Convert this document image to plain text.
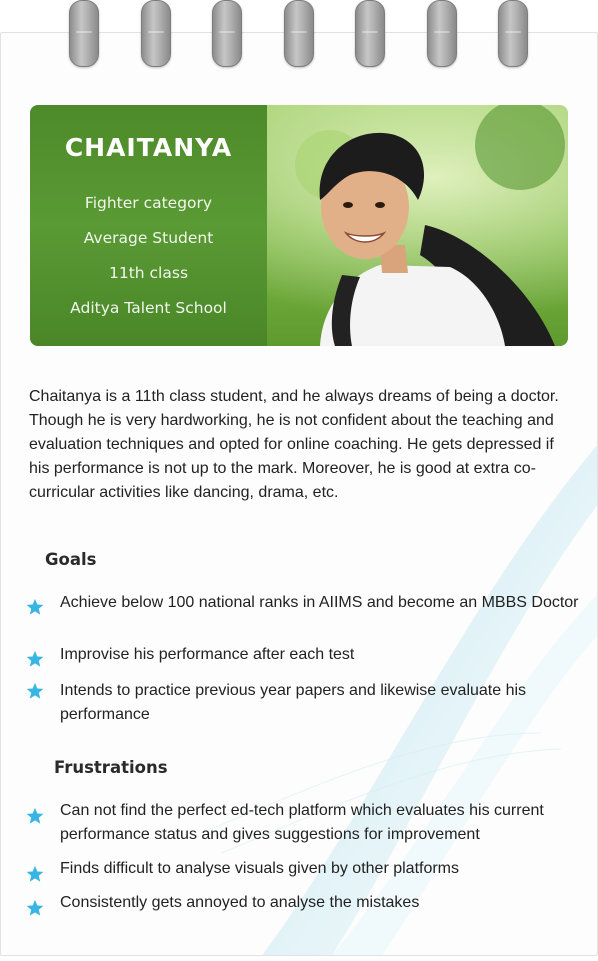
CHAITANYA
Fighter category
Average Student
11th class
Aditya Talent School

Chaitanya is a 11th class student, and he always dreams of being a doctor. Though he is very hardworking, he is not confident about the teaching and evaluation techniques and opted for online coaching. He gets depressed if his performance is not up to the mark. Moreover, he is good at extra co-curricular activities like dancing, drama, etc.

Goals
Achieve below 100 national ranks in AIIMS and become an MBBS Doctor
Improvise his performance after each test
Intends to practice previous year papers and likewise evaluate his performance
Frustrations
Can not find the perfect ed-tech platform which evaluates his current performance status and gives suggestions for improvement
Finds difficult to analyse visuals given by other platforms
Consistently gets annoyed to analyse the mistakes
